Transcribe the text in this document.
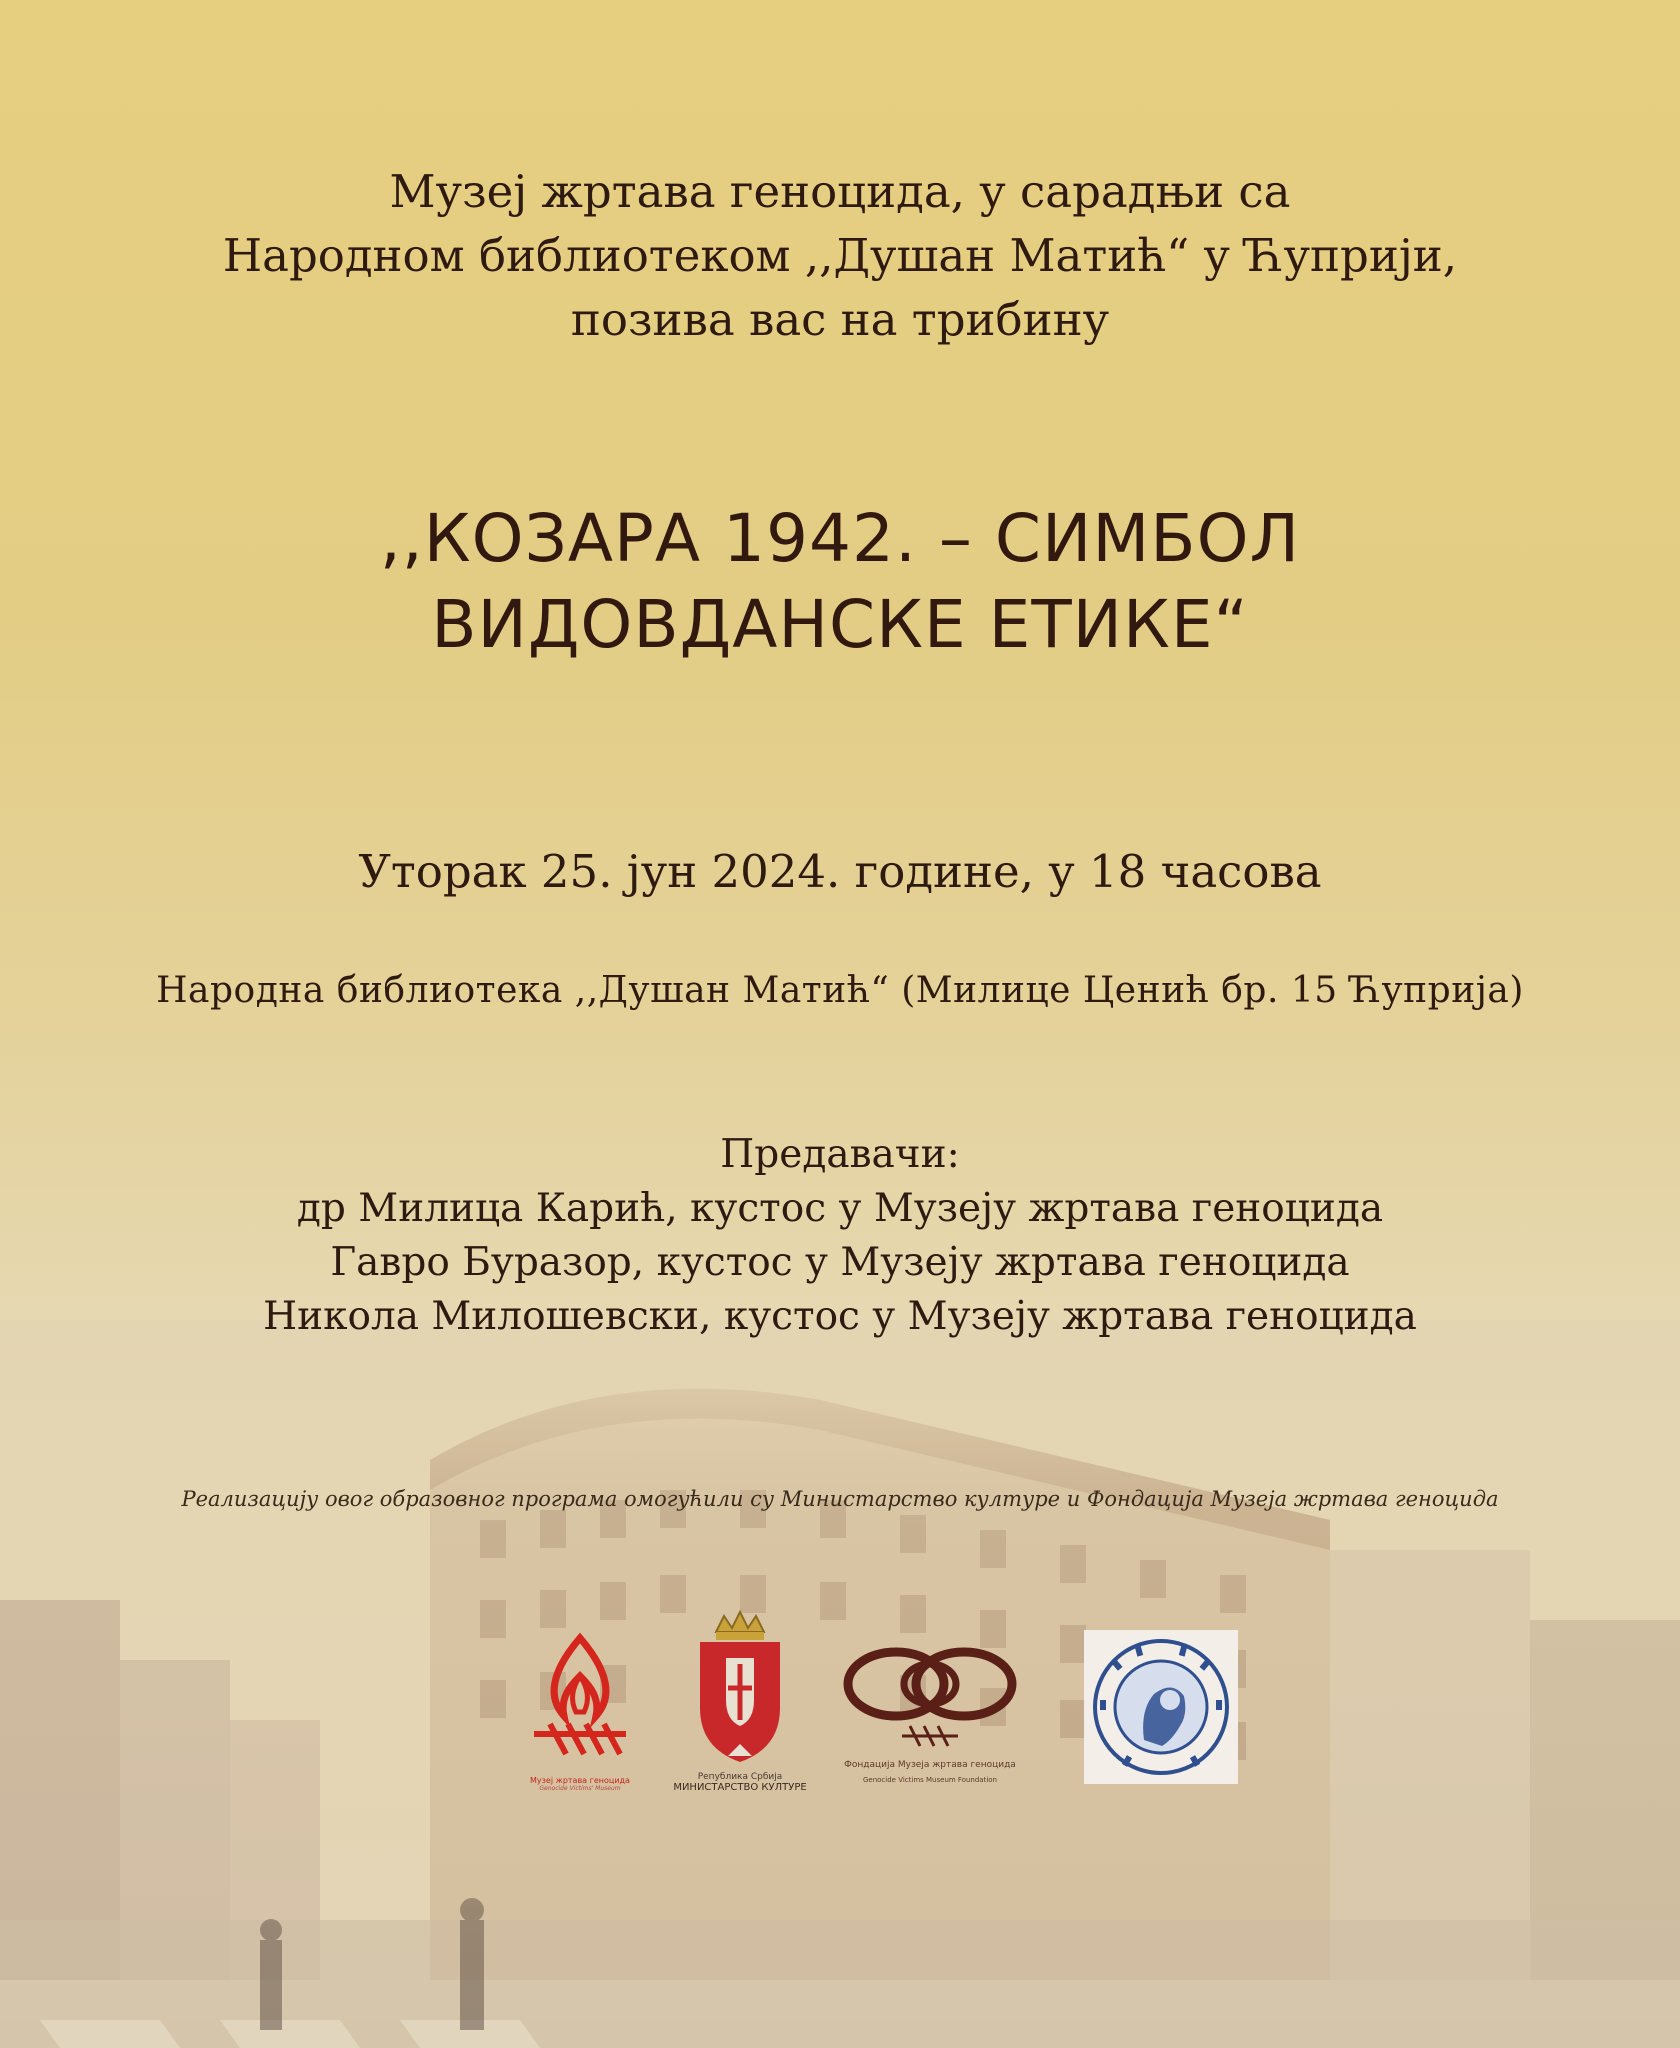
Музеј жртава геноцида, у сарадњи са
Народном библиотеком ,,Душан Матић“ у Ћуприји,
позива вас на трибину
,,КОЗАРА 1942. – СИМБОЛ
ВИДОВДАНСКЕ ЕТИКЕ“
Уторак 25. јун 2024. године, у 18 часова
Народна библиотека ,,Душан Матић“ (Милице Ценић бр. 15 Ћуприја)
Предавачи:
др Милица Карић, кустос у Музеју жртава геноцида
Гавро Буразор, кустос у Музеју жртава геноцида
Никола Милошевски, кустос у Музеју жртава геноцида
Реализацију овог образовног програма омогућили су Министарство културе и Фондација Музеја жртава геноцида
Музеј жртава геноцида
Genocide Victims' Museum
Република Србија
МИНИСТАРСТВО КУЛТУРЕ
Фондација Музеја жртава геноцида
Genocide Victims Museum Foundation
